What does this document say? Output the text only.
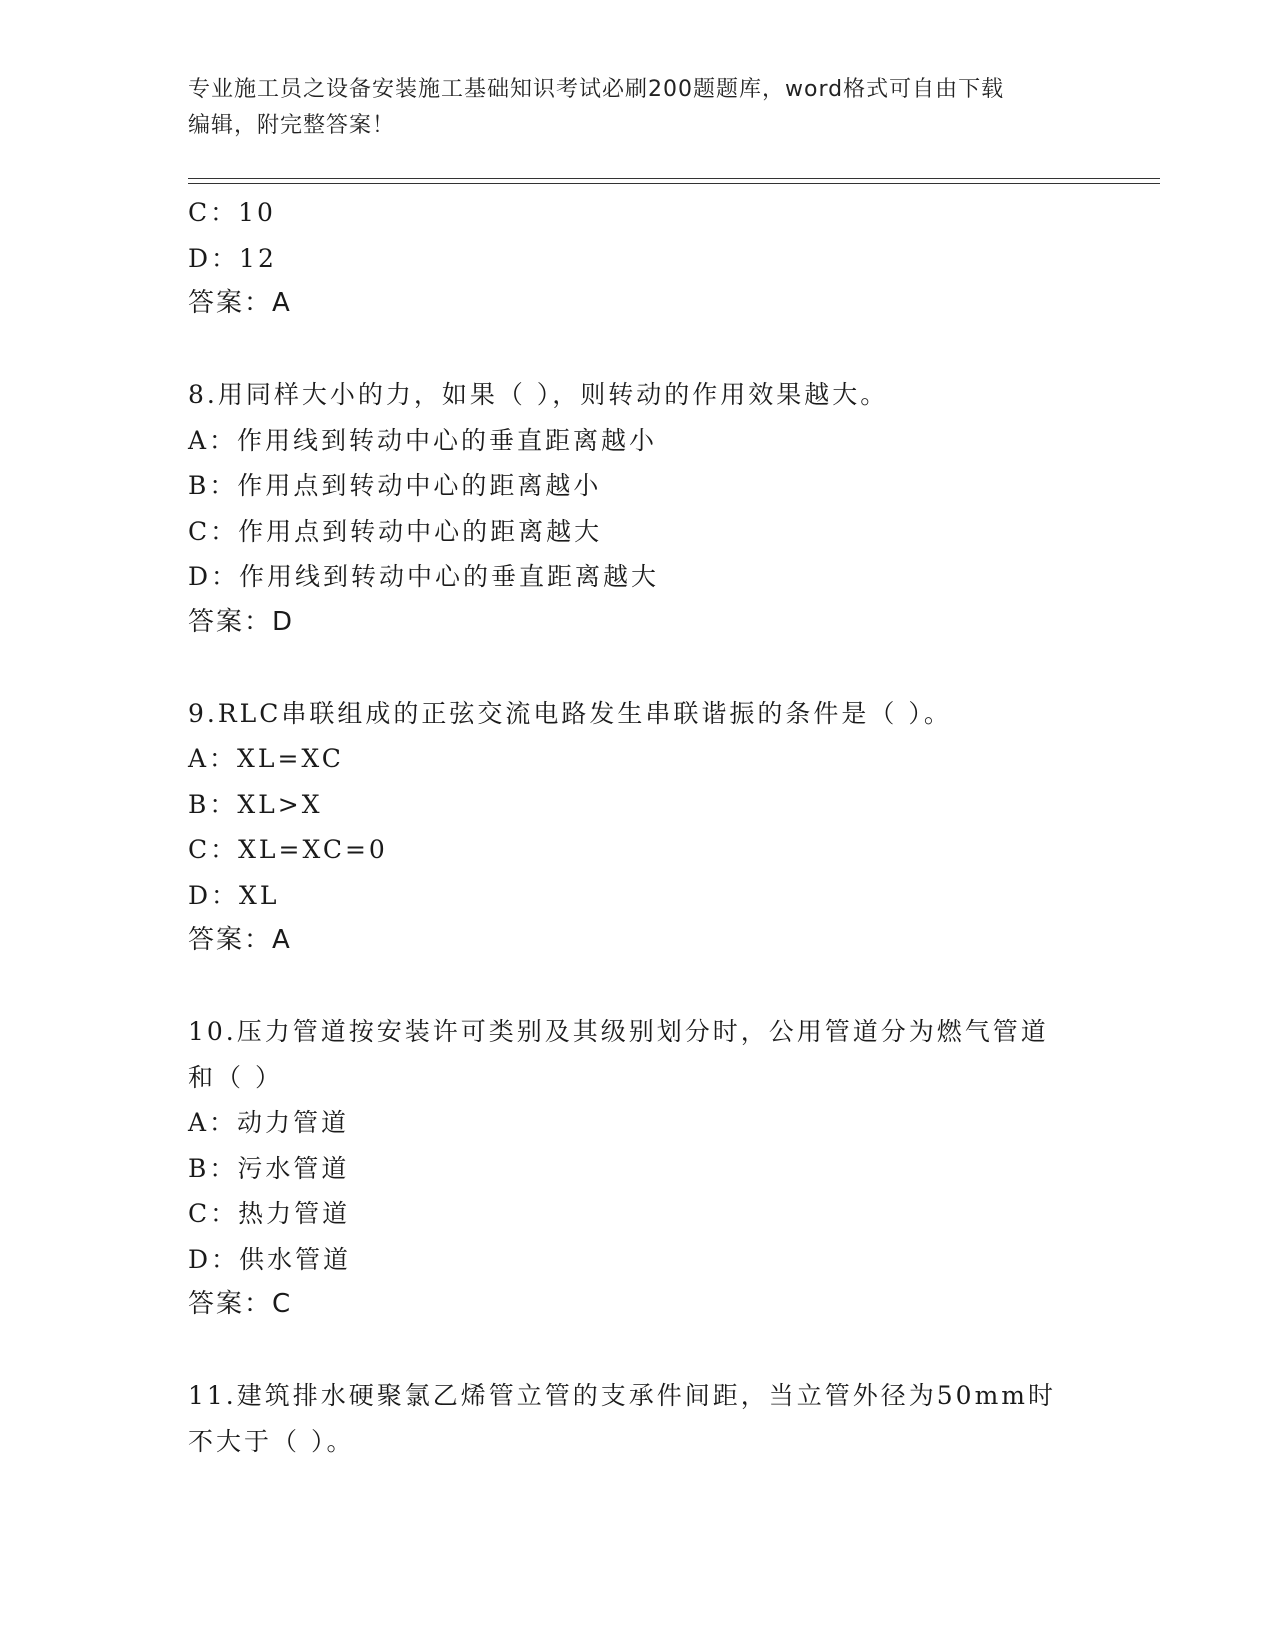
专业施工员之设备安装施工基础知识考试必刷200题题库，word格式可自由下载
编辑，附完整答案！
C：10
D：12
答案：A
8.用同样大小的力，如果（ ），则转动的作用效果越大。
A：作用线到转动中心的垂直距离越小
B：作用点到转动中心的距离越小
C：作用点到转动中心的距离越大
D：作用线到转动中心的垂直距离越大
答案：D
9.RLC串联组成的正弦交流电路发生串联谐振的条件是（ ）。
A：XL=XC
B：XL>X
C：XL=XC=0
D：XL
答案：A
10.压力管道按安装许可类别及其级别划分时，公用管道分为燃气管道
和（ ）
A：动力管道
B：污水管道
C：热力管道
D：供水管道
答案：C
11.建筑排水硬聚氯乙烯管立管的支承件间距，当立管外径为50mm时
不大于（ ）。
